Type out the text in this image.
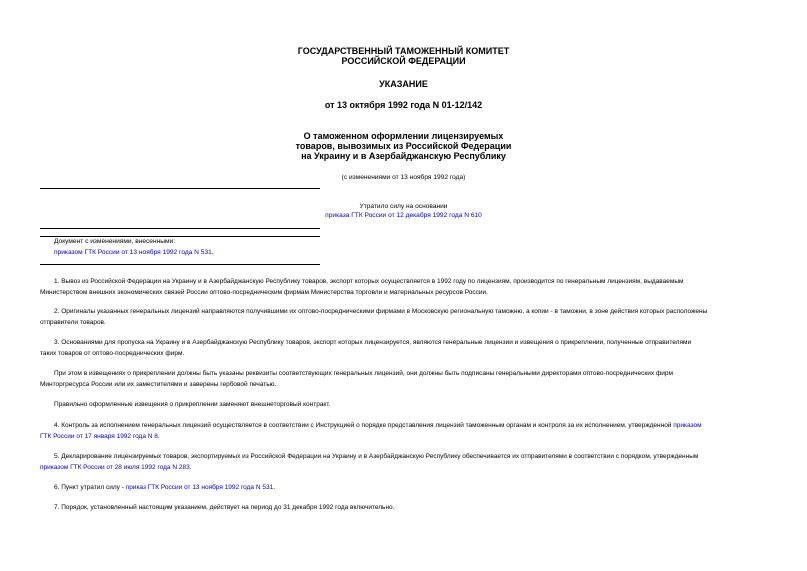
ГОСУДАРСТВЕННЫЙ ТАМОЖЕННЫЙ КОМИТЕТ

РОССИЙСКОЙ ФЕДЕРАЦИИ

УКАЗАНИЕ

от 13 октября 1992 года N 01-12/142

О таможенном оформлении лицензируемых

товаров, вывозимых из Российской Федерации

на Украину и в Азербайджанскую Республику

(с изменениями от 13 ноября 1992 года)

Утратило силу на основании

приказа ГТК России от 12 декабря 1992 года N 610

Документ с изменениями, внесенными:

приказом ГТК России от 13 ноября 1992 года N 531.

1. Вывоз из Российской Федерации на Украину и в Азербайджанскую Республику товаров, экспорт которых осуществляется в 1992 году по лицензиям, производится по генеральным лицензиям, выдаваемым
Министерством внешних экономических связей России оптово-посредническим фирмам Министерства торговли и материальных ресурсов России.
2. Оригиналы указанных генеральных лицензий направляются получившими их оптово-посредническими фирмами в Московскую региональную таможню, а копии - в таможни, в зоне действия которых расположены
отправители товаров.
3. Основаниями для пропуска на Украину и в Азербайджанскую Республику товаров, экспорт которых лицензируется, являются генеральные лицензии и извещения о прикреплении, полученные отправителями
таких товаров от оптово-посреднических фирм.
При этом в извещениях о прикреплении должны быть указаны реквизиты соответствующих генеральных лицензий, они должны быть подписаны генеральными директорами оптово-посреднических фирм
Минторгресурса России или их заместителями и заверены гербовой печатью.
Правильно оформленные извещения о прикреплении заменяют внешнеторговый контракт.
4. Контроль за исполнением генеральных лицензий осуществляется в соответствии с Инструкцией о порядке представления лицензий таможенным органам и контроля за их исполнением, утвержденной приказом
ГТК России от 17 января 1992 года N 8.
5. Декларирование лицензируемых товаров, экспортируемых из Российской Федерации на Украину и в Азербайджанскую Республику обеспечивается их отправителями в соответствии с порядком, утвержденным
приказом ГТК России от 28 июля 1992 года N 283.
6. Пункт утратил силу - приказ ГТК России от 13 ноября 1992 года N 531.
7. Порядок, установленный настоящим указанием, действует на период до 31 декабря 1992 года включительно.
